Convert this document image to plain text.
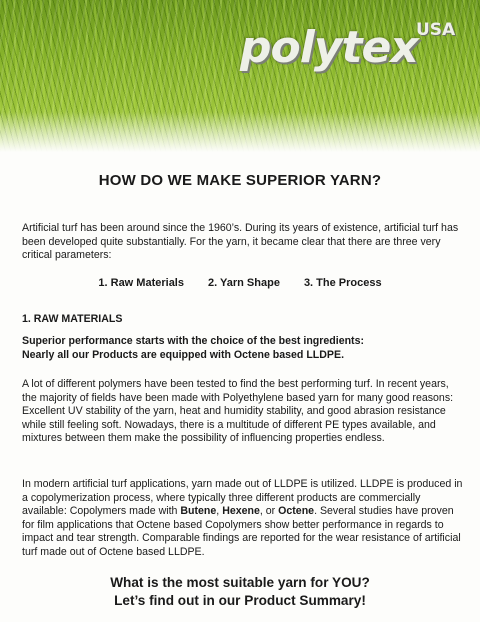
polytex
USA
HOW DO WE MAKE SUPERIOR YARN?

Artificial turf has been around since the 1960’s. During its years of existence, artificial turf has been developed quite substantially. For the yarn, it became clear that there are three very critical parameters:

1. Raw Materials 2. Yarn Shape 3. The Process

1. RAW MATERIALS

Superior performance starts with the choice of the best ingredients:
Nearly all our Products are equipped with Octene based LLDPE.

A lot of different polymers have been tested to find the best performing turf. In recent years, the majority of fields have been made with Polyethylene based yarn for many good reasons: Excellent UV stability of the yarn, heat and humidity stability, and good abrasion resistance while still feeling soft. Nowadays, there is a multitude of different PE types available, and mixtures between them make the possibility of influencing properties endless.

In modern artificial turf applications, yarn made out of LLDPE is utilized. LLDPE is produced in a copolymerization process, where typically three different products are commercially available: Copolymers made with Butene, Hexene, or Octene. Several studies have proven for film applications that Octene based Copolymers show better performance in regards to impact and tear strength. Comparable findings are reported for the wear resistance of artificial turf made out of Octene based LLDPE.

What is the most suitable yarn for YOU?
Let’s find out in our Product Summary!
